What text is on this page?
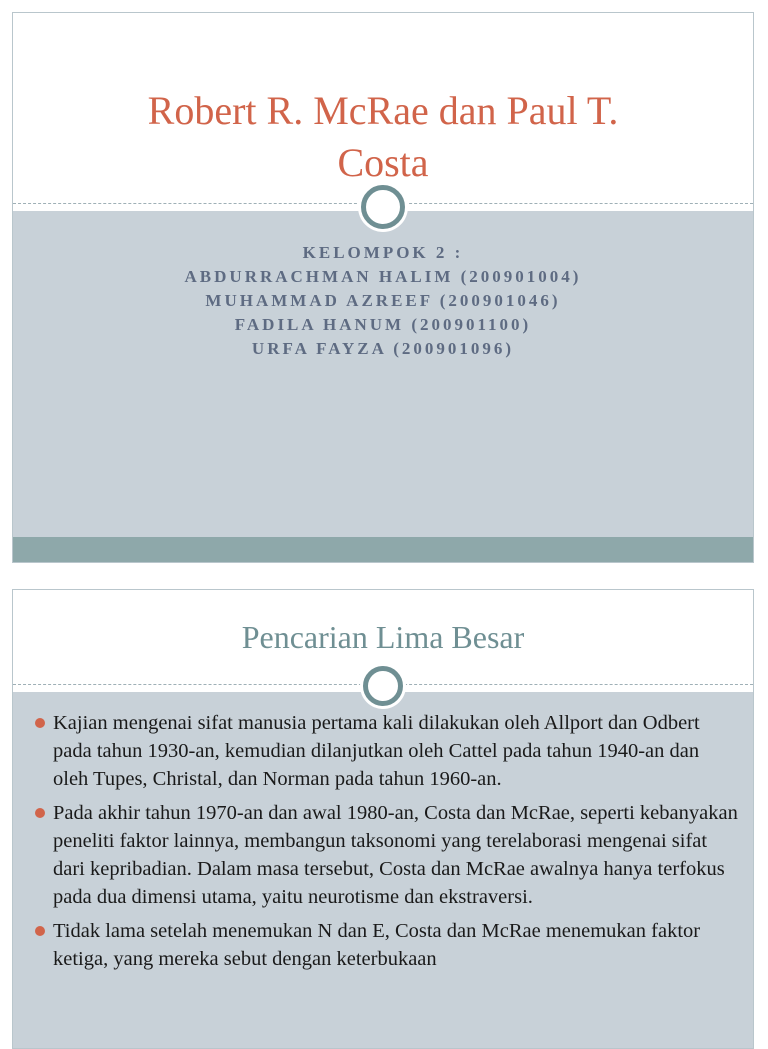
Robert R. McRae dan Paul T.
Costa
KELOMPOK 2 :
ABDURRACHMAN HALIM (200901004)
MUHAMMAD AZREEF (200901046)
FADILA HANUM (200901100)
URFA FAYZA (200901096)
Pencarian Lima Besar
Kajian mengenai sifat manusia pertama kali dilakukan oleh Allport dan Odbert pada tahun 1930-an, kemudian dilanjutkan oleh Cattel pada tahun 1940-an dan oleh Tupes, Christal, dan Norman pada tahun 1960-an.
Pada akhir tahun 1970-an dan awal 1980-an, Costa dan McRae, seperti kebanyakan peneliti faktor lainnya, membangun taksonomi yang terelaborasi mengenai sifat dari kepribadian. Dalam masa tersebut, Costa dan McRae awalnya hanya terfokus pada dua dimensi utama, yaitu neurotisme dan ekstraversi.
Tidak lama setelah menemukan N dan E, Costa dan McRae menemukan faktor ketiga, yang mereka sebut dengan keterbukaan
